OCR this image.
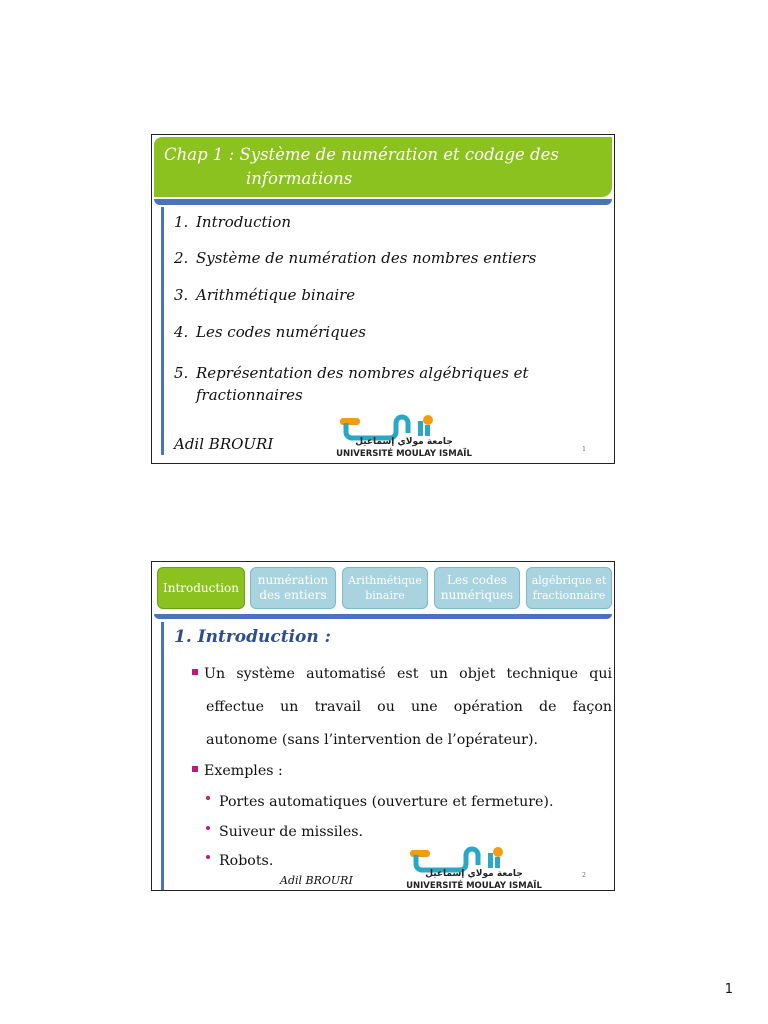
Chap 1 : Système de numération et codage des
informations
1. Introduction
2. Système de numération des nombres entiers
3. Arithmétique binaire
4. Les codes numériques
5. Représentation des nombres algébriques et
fractionnaires
Adil BROURI	جامعة مولاي إسماعيل
UNIVERSITÉ MOULAY ISMAÏL	1
Introduction
numération
des entiers
Arithmétique
binaire
Les codes
numériques
algébrique et
fractionnaire
1. Introduction :
Un système automatisé est un objet technique qui
effectue un travail ou une opération de façon
autonome (sans l’intervention de l’opérateur).
Exemples :
Portes automatiques (ouverture et fermeture).
Suiveur de missiles.
Robots.
Adil BROURI	جامعة مولاي إسماعيل
UNIVERSITÉ MOULAY ISMAÏL
2
1
